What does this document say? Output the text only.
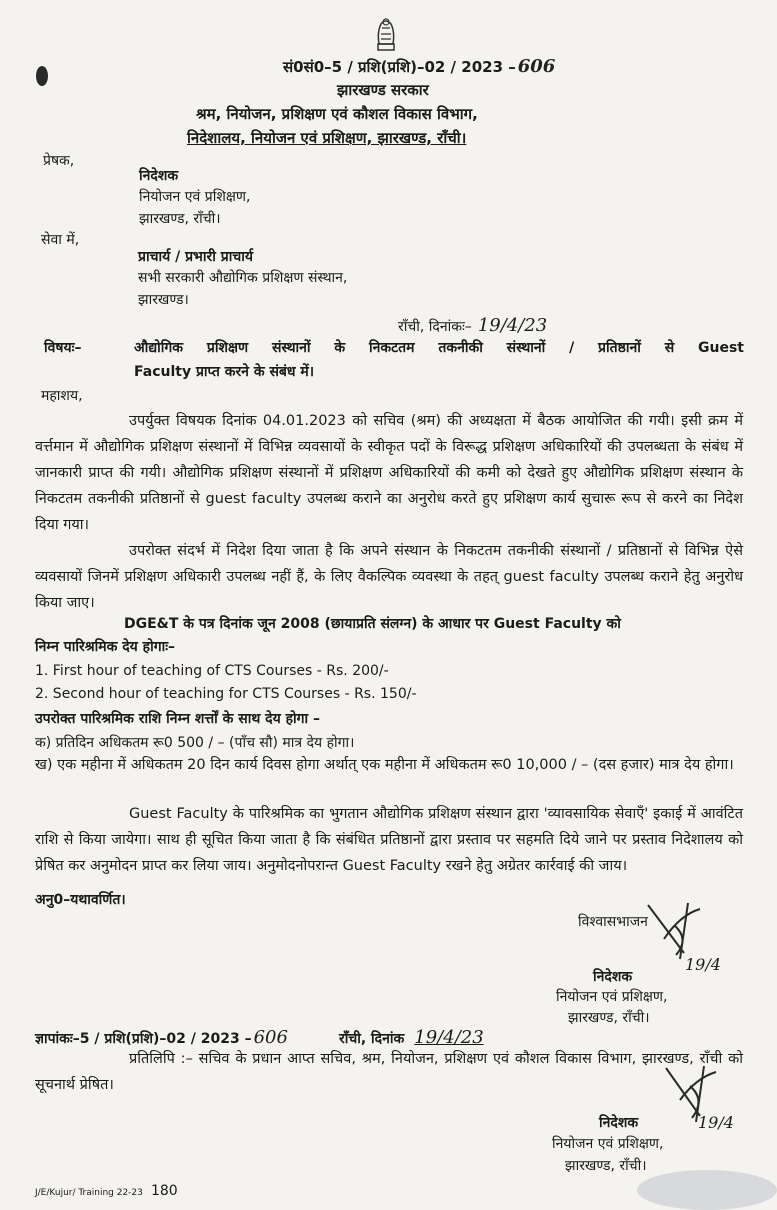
सं0सं0–5 / प्रशि(प्रशि)–02 / 2023 – 606
झारखण्ड सरकार
श्रम, नियोजन, प्रशिक्षण एवं कौशल विकास विभाग,
निदेशालय, नियोजन एवं प्रशिक्षण, झारखण्ड, राँची।
प्रेषक,
निदेशक
नियोजन एवं प्रशिक्षण,
झारखण्ड, राँची।
सेवा में,
प्राचार्य / प्रभारी प्राचार्य
सभी सरकारी औद्योगिक प्रशिक्षण संस्थान,
झारखण्ड।
राँची, दिनांकः– 19/4/23
विषयः–	औद्योगिक प्रशिक्षण संस्थानों के निकटतम तकनीकी संस्थानों / प्रतिष्ठानों से Guest
Faculty प्राप्त करने के संबंध में।
महाशय,
उपर्युक्त विषयक दिनांक 04.01.2023 को सचिव (श्रम) की अध्यक्षता में बैठक आयोजित की गयी। इसी क्रम में वर्त्तमान में औद्योगिक प्रशिक्षण संस्थानों में विभिन्न व्यवसायों के स्वीकृत पदों के विरूद्ध प्रशिक्षण अधिकारियों की उपलब्धता के संबंध में जानकारी प्राप्त की गयी। औद्योगिक प्रशिक्षण संस्थानों में प्रशिक्षण अधिकारियों की कमी को देखते हुए औद्योगिक प्रशिक्षण संस्थान के निकटतम तकनीकी प्रतिष्ठानों से guest faculty उपलब्ध कराने का अनुरोध करते हुए प्रशिक्षण कार्य सुचारू रूप से करने का निदेश दिया गया।
उपरोक्त संदर्भ में निदेश दिया जाता है कि अपने संस्थान के निकटतम तकनीकी संस्थानों / प्रतिष्ठानों से विभिन्न ऐसे व्यवसायों जिनमें प्रशिक्षण अधिकारी उपलब्ध नहीं हैं, के लिए वैकल्पिक व्यवस्था के तहत् guest faculty उपलब्ध कराने हेतु अनुरोध किया जाए।
DGE&T के पत्र दिनांक जून 2008 (छायाप्रति संलग्न) के आधार पर Guest Faculty को
निम्न पारिश्रमिक देय होगाः–
1. First hour of teaching of CTS Courses - Rs. 200/-
2. Second hour of teaching for CTS Courses - Rs. 150/-
उपरोक्त पारिश्रमिक राशि निम्न शर्त्तों के साथ देय होगा –
क) प्रतिदिन अधिकतम रू0 500 / – (पाँच सौ) मात्र देय होगा।
ख) एक महीना में अधिकतम 20 दिन कार्य दिवस होगा अर्थात् एक महीना में अधिकतम रू0 10,000 / – (दस हजार) मात्र देय होगा।
Guest Faculty के पारिश्रमिक का भुगतान औद्योगिक प्रशिक्षण संस्थान द्वारा 'व्यावसायिक सेवाएँ' इकाई में आवंटित राशि से किया जायेगा। साथ ही सूचित किया जाता है कि संबंधित प्रतिष्ठानों द्वारा प्रस्ताव पर सहमति दिये जाने पर प्रस्ताव निदेशालय को प्रेषित कर अनुमोदन प्राप्त कर लिया जाय। अनुमोदनोपरान्त Guest Faculty रखने हेतु अग्रेतर कार्रवाई की जाय।
अनु0–यथावर्णित।
विश्वासभाजन
19/4
निदेशक
नियोजन एवं प्रशिक्षण,
झारखण्ड, राँची।
ज्ञापांकः–5 / प्रशि(प्रशि)–02 / 2023 – 606	राँची, दिनांक 19/4/23
प्रतिलिपि :– सचिव के प्रधान आप्त सचिव, श्रम, नियोजन, प्रशिक्षण एवं कौशल विकास विभाग, झारखण्ड, राँची को सूचनार्थ प्रेषित।
19/4
निदेशक
नियोजन एवं प्रशिक्षण,
झारखण्ड, राँची।
J/E/Kujur/ Training 22-23 180
